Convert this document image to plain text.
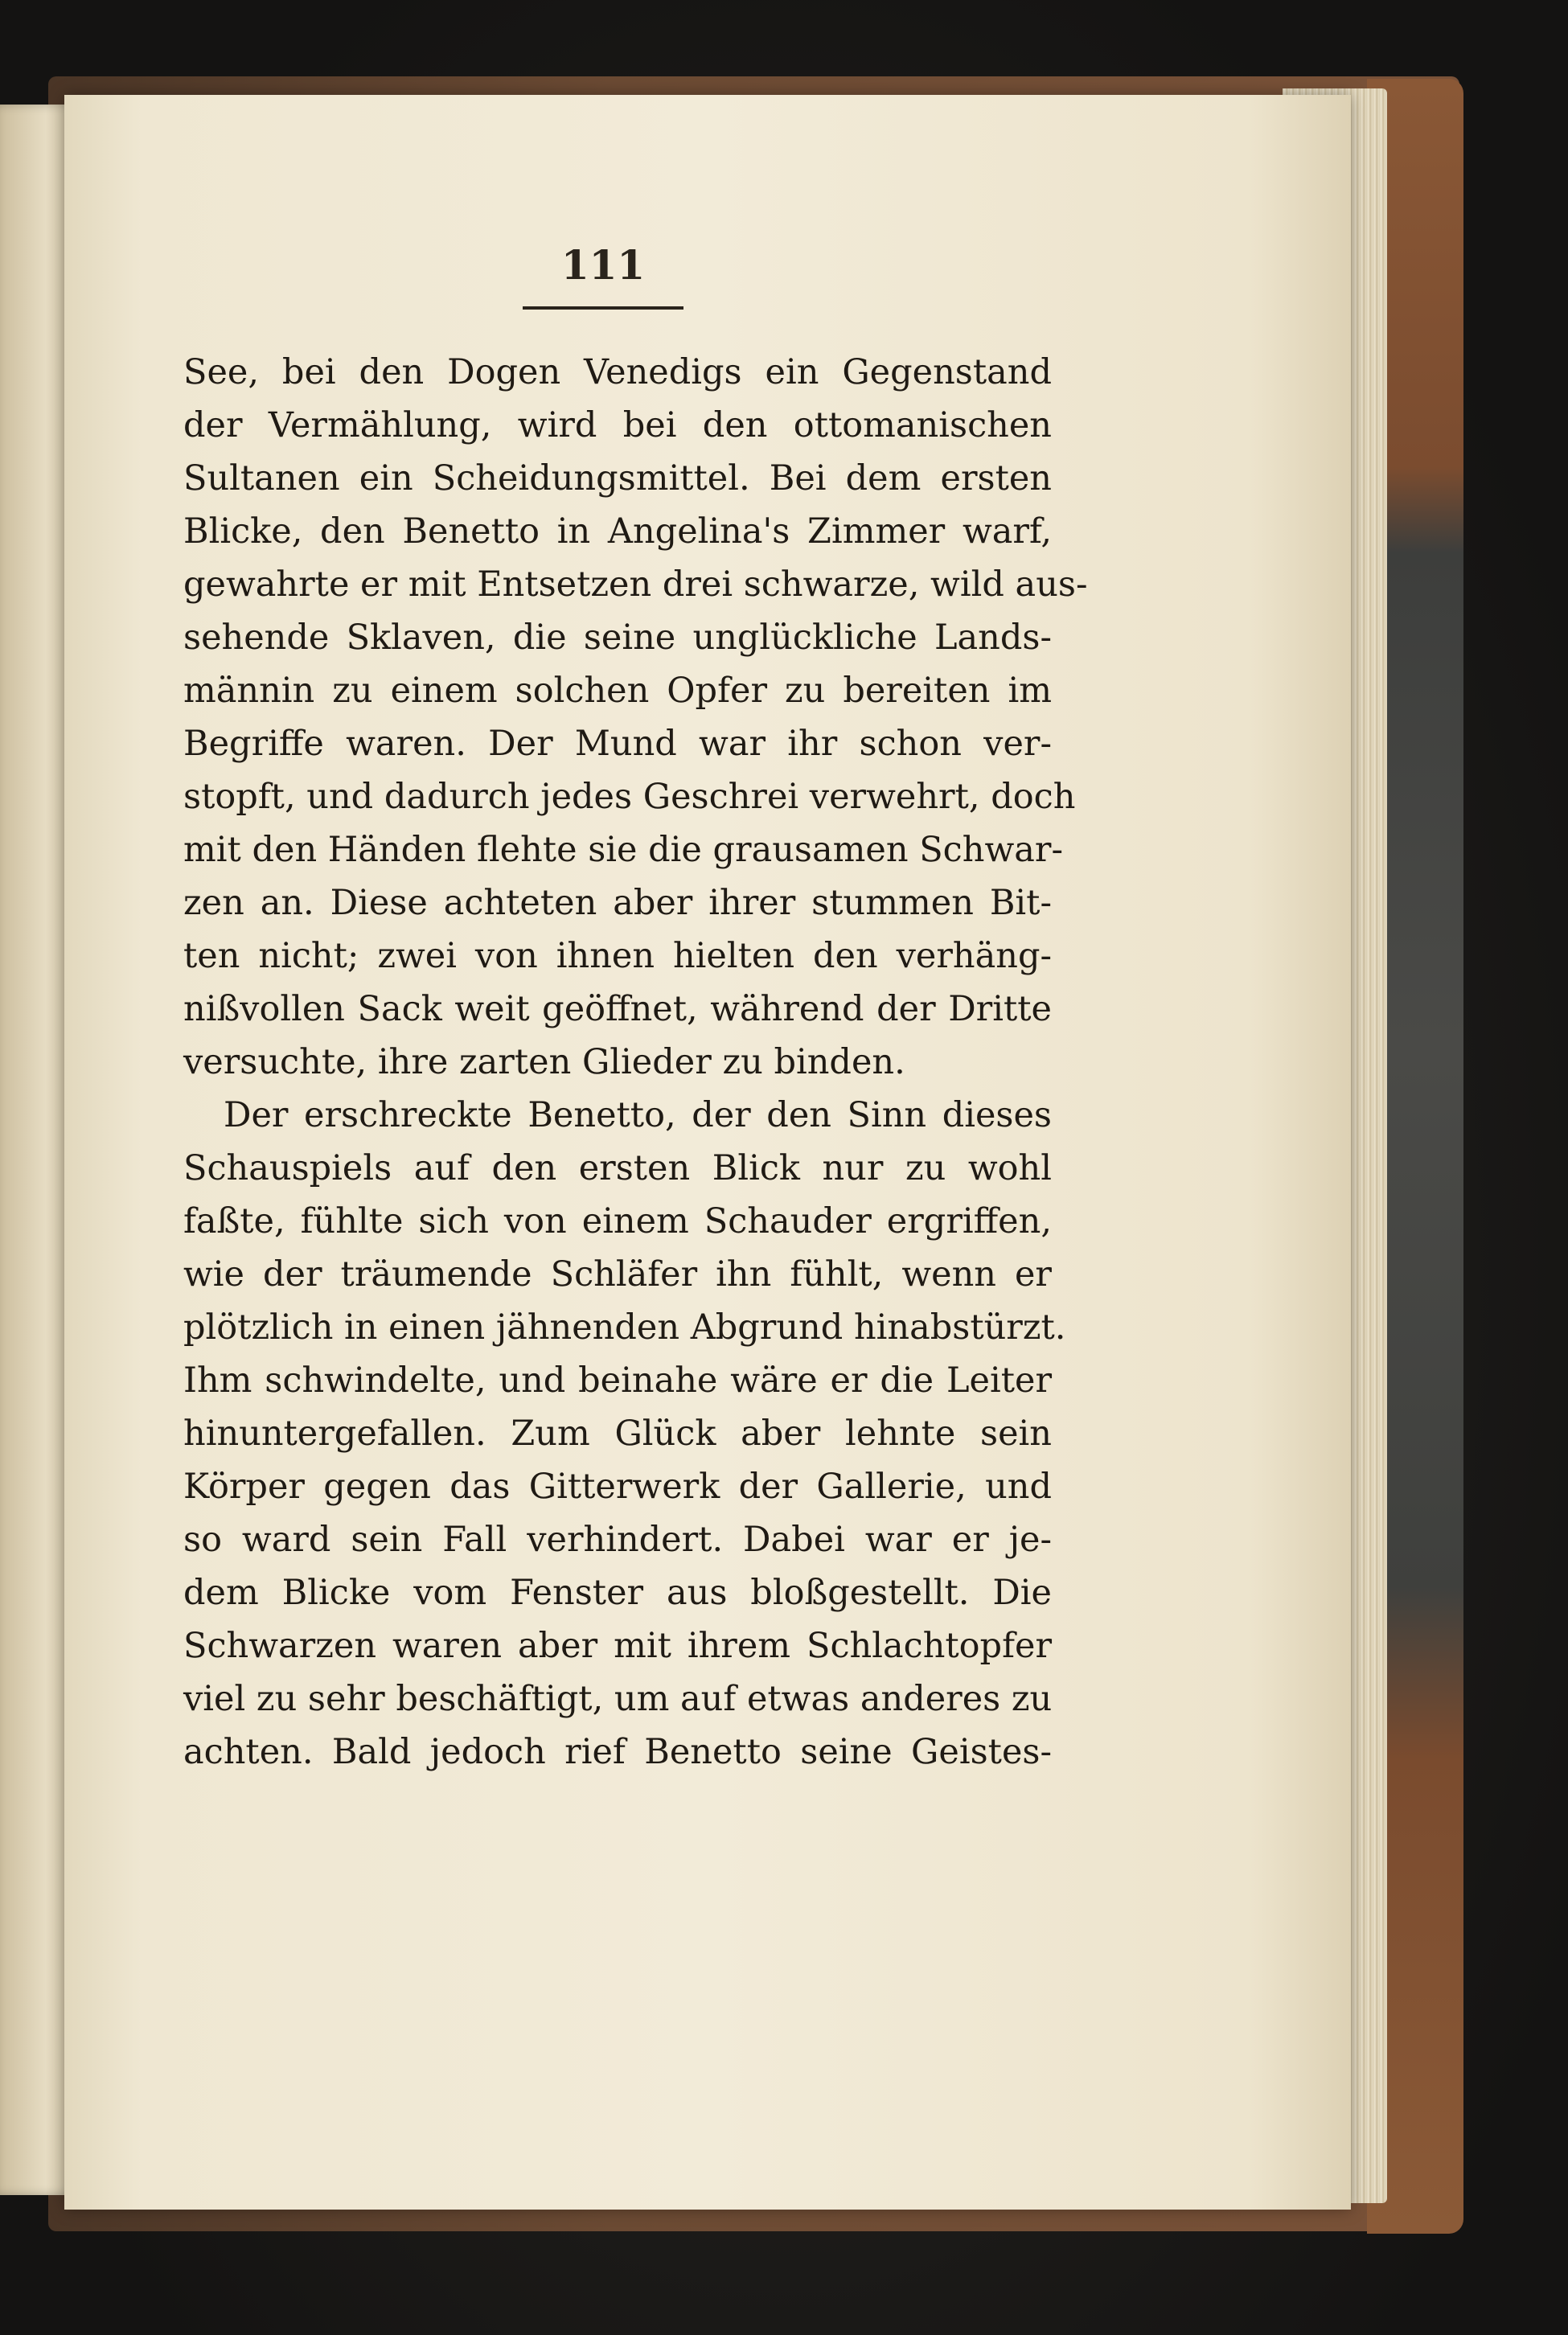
111
See, bei den Dogen Venedigs ein Gegenstand
der Vermählung, wird bei den ottomanischen
Sultanen ein Scheidungsmittel. Bei dem ersten
Blicke, den Benetto in Angelina's Zimmer warf,
gewahrte er mit Entsetzen drei schwarze, wild aus-
sehende Sklaven, die seine unglückliche Lands-
männin zu einem solchen Opfer zu bereiten im
Begriffe waren. Der Mund war ihr schon ver-
stopft, und dadurch jedes Geschrei verwehrt, doch
mit den Händen flehte sie die grausamen Schwar-
zen an. Diese achteten aber ihrer stummen Bit-
ten nicht; zwei von ihnen hielten den verhäng-
nißvollen Sack weit geöffnet, während der Dritte
versuchte, ihre zarten Glieder zu binden.
Der erschreckte Benetto, der den Sinn dieses
Schauspiels auf den ersten Blick nur zu wohl
faßte, fühlte sich von einem Schauder ergriffen,
wie der träumende Schläfer ihn fühlt, wenn er
plötzlich in einen jähnenden Abgrund hinabstürzt.
Ihm schwindelte, und beinahe wäre er die Leiter
hinuntergefallen. Zum Glück aber lehnte sein
Körper gegen das Gitterwerk der Gallerie, und
so ward sein Fall verhindert. Dabei war er je-
dem Blicke vom Fenster aus bloßgestellt. Die
Schwarzen waren aber mit ihrem Schlachtopfer
viel zu sehr beschäftigt, um auf etwas anderes zu
achten. Bald jedoch rief Benetto seine Geistes-
